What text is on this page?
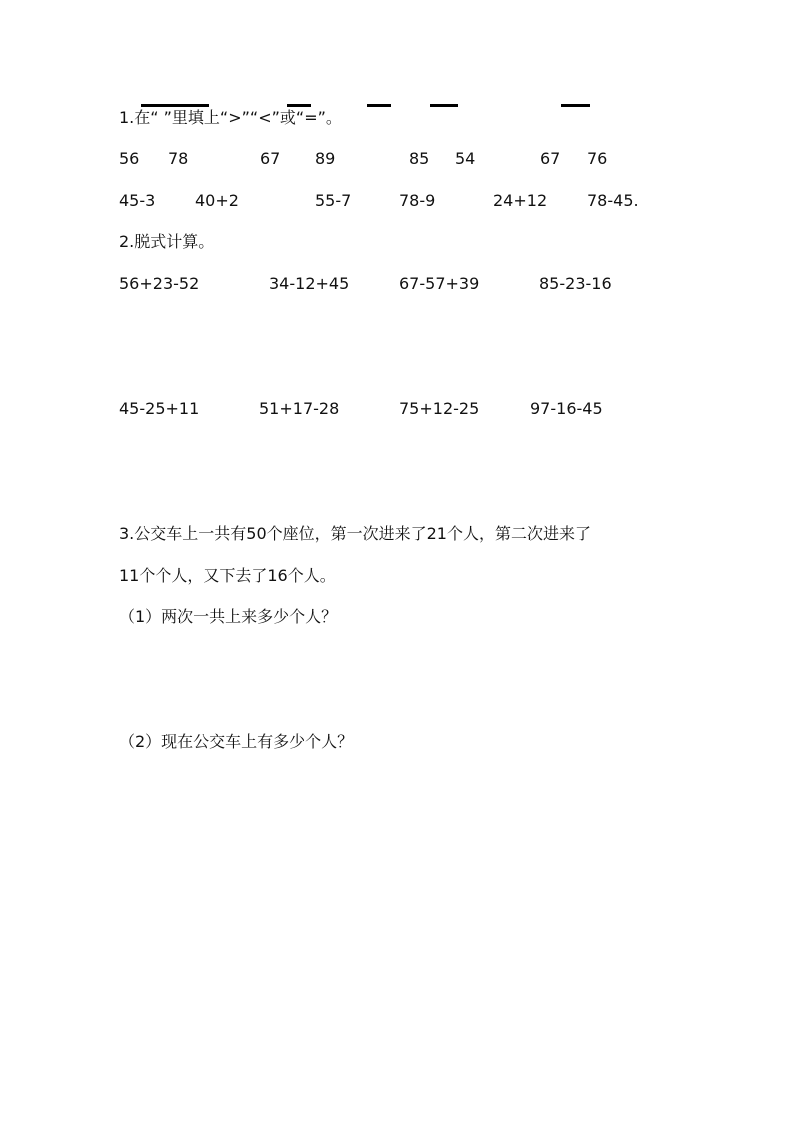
1.在“ ”里填上“>”“<”或“=”。
56 78	67 89	85 54	67 76
45-3 40+2	55-7	78-9	24+12 78-45.
2.脱式计算。
56+23-52	34-12+45	67-57+39	85-23-16
45-25+11	51+17-28	75+12-25	97-16-45
3.公交车上一共有50个座位，第一次进来了21个人，第二次进来了
11个个人，又下去了16个人。
（1）两次一共上来多少个人？
（2）现在公交车上有多少个人？
